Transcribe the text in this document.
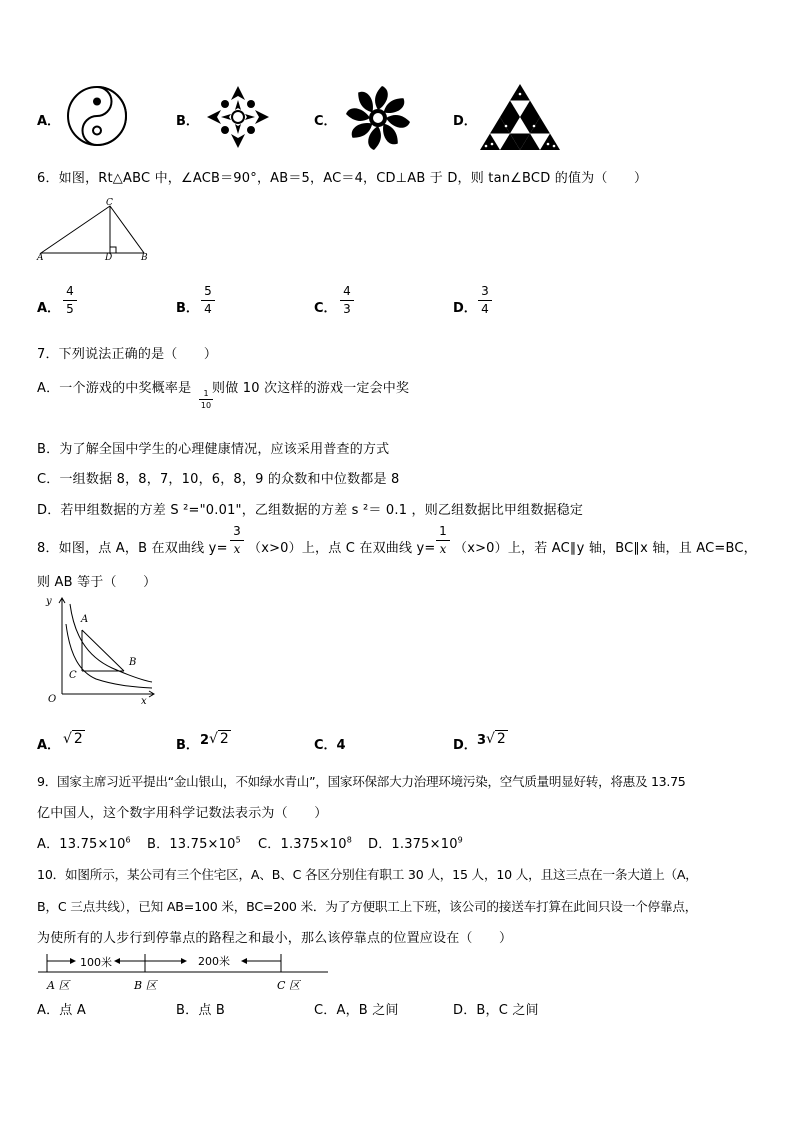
A．	B．	C．	D．
6．如图，Rt△ABC 中，∠ACB＝90°，AB＝5，AC＝4，CD⊥AB 于 D，则 tan∠BCD 的值为（　　）
C
A	D	B
A．
4
5	B．
5
4	C．
4
3	D．
3
4
7．下列说法正确的是（　　）
A．一个游戏的中奖概率是	1
10
则做 10 次这样的游戏一定会中奖
B．为了解全国中学生的心理健康情况，应该采用普查的方式
C．一组数据 8，8，7，10，6，8，9 的众数和中位数都是 8
D．若甲组数据的方差 S ²="0.01"，乙组数据的方差 s ²＝ 0.1 ，则乙组数据比甲组数据稳定
8．如图，点 A，B 在双曲线 y=
3
x （x>0）上，点 C 在双曲线 y=
1
x （x>0）上，若 AC∥y 轴，BC∥x 轴，且 AC=BC，
则 AB 等于（　　）
y
A
B
C
O	x
A． √ 2	B． 2 √ 2	C．4	D． 3 √ 2
9．国家主席习近平提出“金山银山，不如绿水青山”，国家环保部大力治理环境污染，空气质量明显好转，将惠及 13.75
亿中国人，这个数字用科学记数法表示为（　　）
A．$13.75\times 10^6$ B．$13.75\times 10^5$ C．$1.375\times 10^8$ D．$1.375\times 10^9$
10．如图所示，某公司有三个住宅区，A、B、C 各区分别住有职工 30 人，15 人，10 人，且这三点在一条大道上（A，
B，C 三点共线），已知 AB=100 米，BC=200 米．为了方便职工上下班，该公司的接送车打算在此间只设一个停靠点，
为使所有的人步行到停靠点的路程之和最小，那么该停靠点的位置应设在（　　）
100米	200米
A 区	B 区	C 区
A．点 A	B．点 B	C．A，B 之间	D．B，C 之间
